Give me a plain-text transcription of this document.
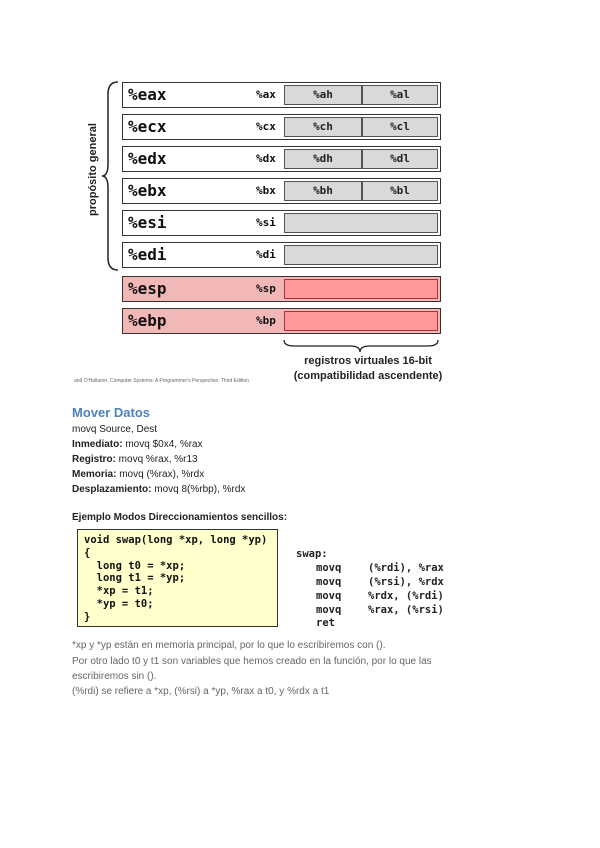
propósito general
%eax	%ax	%ah	%al
%ecx	%cx	%ch	%cl
%edx	%dx	%dh	%dl
%ebx	%bx	%bh	%bl
%esi	%si
%edi	%di
%esp	%sp
%ebp	%bp
registros virtuales 16-bit
(compatibilidad ascendente)
and O'Hallaron, Computer Systems: A Programmer's Perspective, Third Edition
Mover Datos
movq Source, Dest
Inmediato: movq $0x4, %rax
Registro: movq %rax, %r13
Memoria: movq (%rax), %rdx
Desplazamiento: movq 8(%rbp), %rdx
Ejemplo Modos Direccionamientos sencillos:
void swap(long *xp, long *yp)
{
long t0 = *xp;
long t1 = *yp;
*xp = t1;
*yp = t0;
}
swap:
movq	(%rdi), %rax
movq	(%rsi), %rdx
movq	%rdx, (%rdi)
movq	%rax, (%rsi)
ret
*xp y *yp están en memoria principal, por lo que lo escribiremos con ().
Por otro lado t0 y t1 son variables que hemos creado en la función, por lo que las
escribiremos sin ().
(%rdi) se refiere a *xp, (%rsi) a *yp, %rax a t0, y %rdx a t1
